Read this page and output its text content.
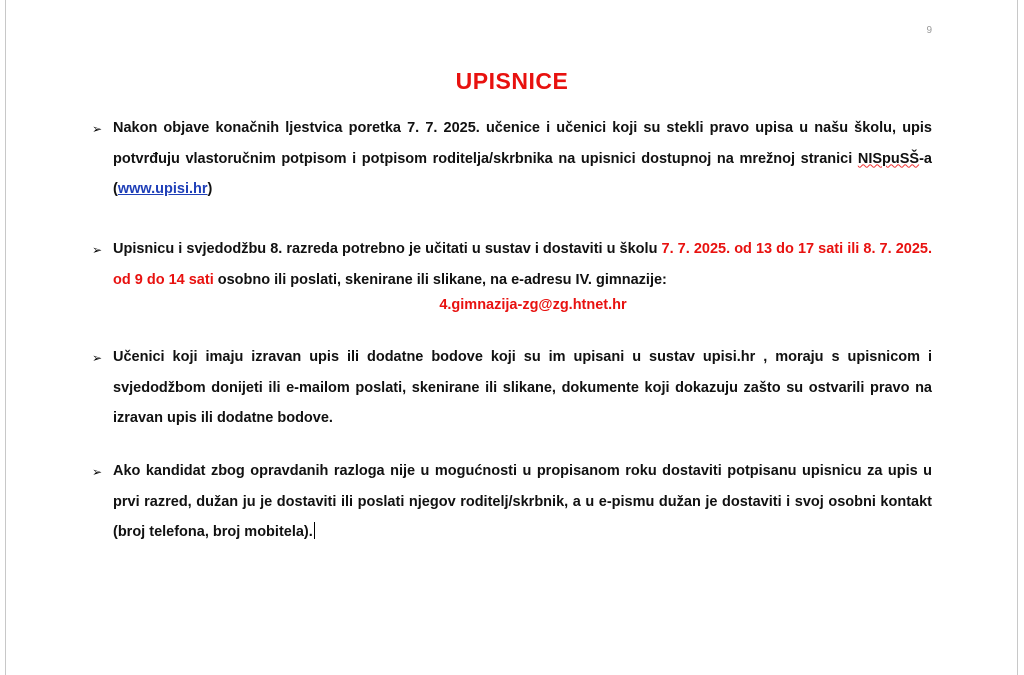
9
UPISNICE
➢ Nakon objave konačnih ljestvica poretka 7. 7. 2025. učenice i učenici koji su stekli pravo upisa u našu školu, upis potvrđuju vlastoručnim potpisom i potpisom roditelja/skrbnika na upisnici dostupnoj na mrežnoj stranici NISpuSŠ-a (www.upisi.hr)
➢ Upisnicu i svjedodžbu 8. razreda potrebno je učitati u sustav i dostaviti u školu 7. 7. 2025. od 13 do 17 sati ili 8. 7. 2025. od 9 do 14 sati osobno ili poslati, skenirane ili slikane, na e-adresu IV. gimnazije:
4.gimnazija-zg@zg.htnet.hr
➢ Učenici koji imaju izravan upis ili dodatne bodove koji su im upisani u sustav upisi.hr , moraju s upisnicom i svjedodžbom donijeti ili e-mailom poslati, skenirane ili slikane, dokumente koji dokazuju zašto su ostvarili pravo na izravan upis ili dodatne bodove.
➢ Ako kandidat zbog opravdanih razloga nije u mogućnosti u propisanom roku dostaviti potpisanu upisnicu za upis u prvi razred, dužan ju je dostaviti ili poslati njegov roditelj/skrbnik, a u e-pismu dužan je dostaviti i svoj osobni kontakt (broj telefona, broj mobitela).
